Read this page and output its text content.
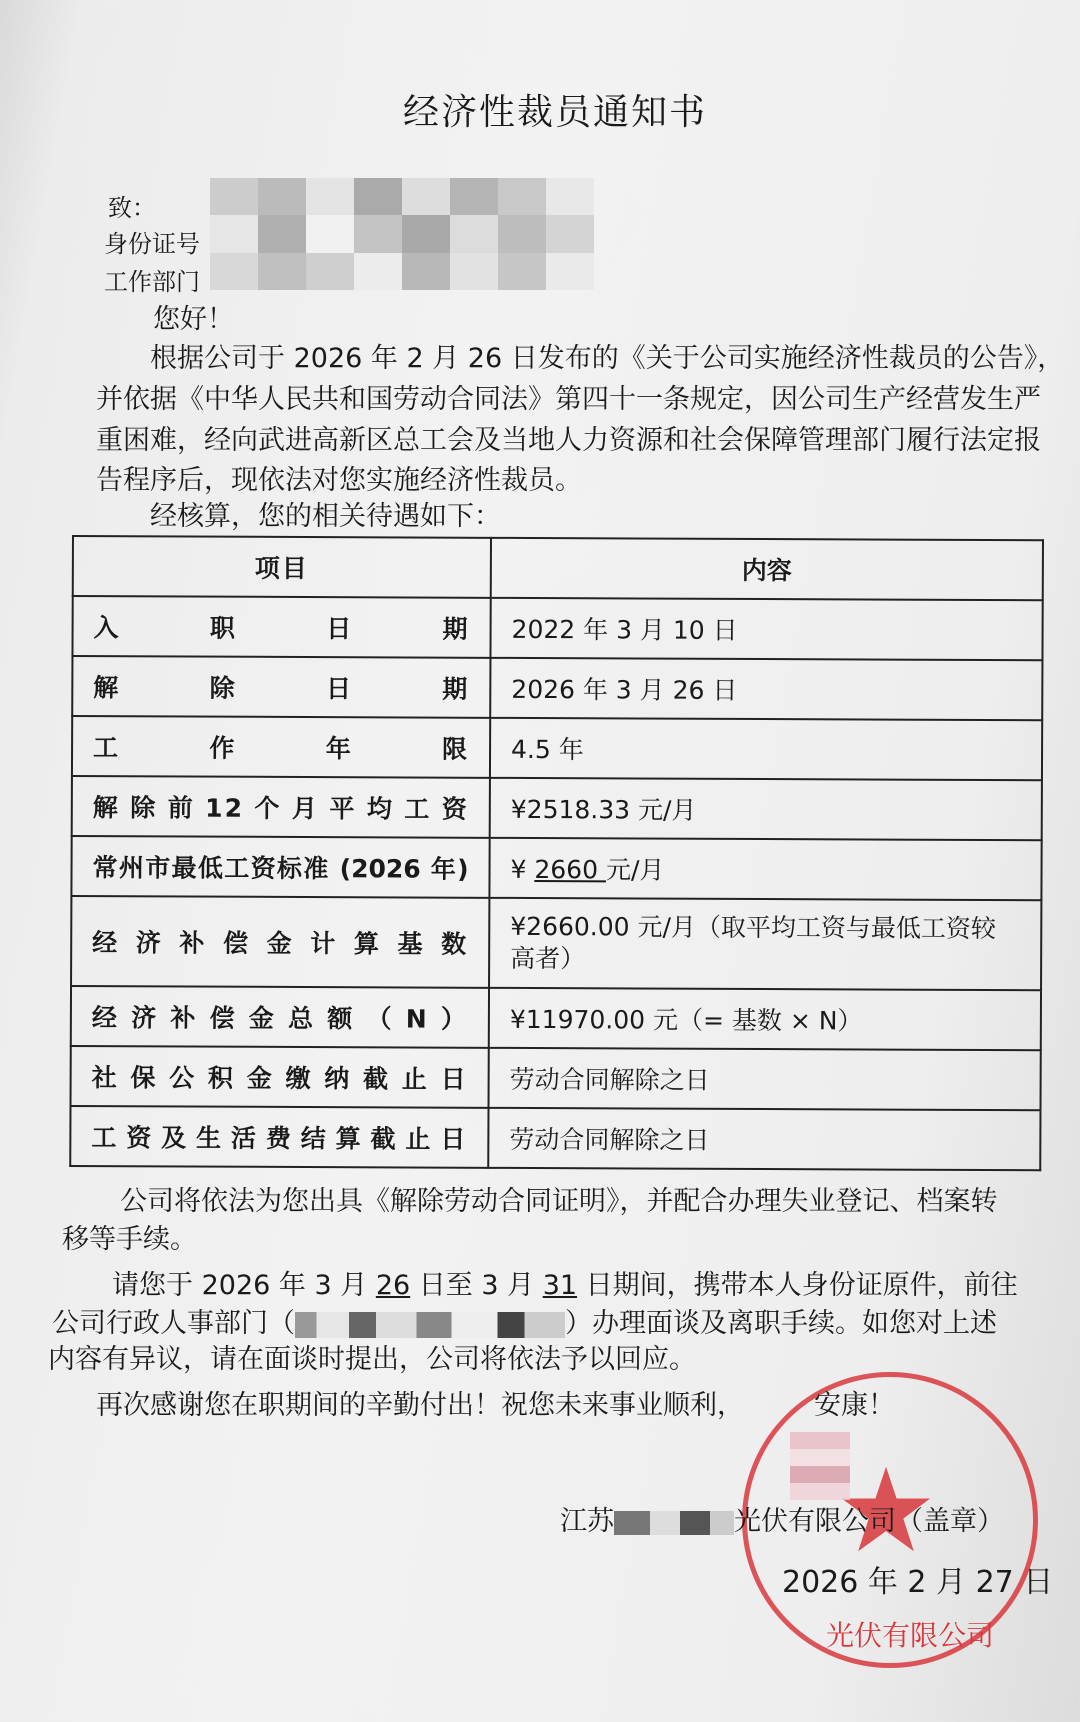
经济性裁员通知书
致：
身份证号
工作部门
您好！
根据公司于 2026 年 2 月 26 日发布的《关于公司实施经济性裁员的公告》，
并依据《中华人民共和国劳动合同法》第四十一条规定，因公司生产经营发生严
重困难，经向武进高新区总工会及当地人力资源和社会保障管理部门履行法定报
告程序后，现依法对您实施经济性裁员。
经核算，您的相关待遇如下：
项目	内容
入职日期	2022 年 3 月 10 日
解除日期	2026 年 3 月 26 日
工作年限	4.5 年
解除前12个月平均工资	¥2518.33 元/月
常州市最低工资标准 (2026 年)	¥ 2660 元/月
经济补偿金计算基数	¥2660.00 元/月（取平均工资与最低工资较高者）
经济补偿金总额（N）	¥11970.00 元（= 基数 × N）
社保公积金缴纳截止日	劳动合同解除之日
工资及生活费结算截止日	劳动合同解除之日
公司将依法为您出具《解除劳动合同证明》，并配合办理失业登记、档案转
移等手续。
请您于 2026 年 3 月 26 日至 3 月 31 日期间，携带本人身份证原件，前往
公司行政人事部门（	）办理面谈及离职手续。如您对上述
内容有异议，请在面谈时提出，公司将依法予以回应。
再次感谢您在职期间的辛勤付出！祝您未来事业顺利，	安康！
光伏有限公司
江苏	光伏有限公司（盖章）
2026 年 2 月 27 日
